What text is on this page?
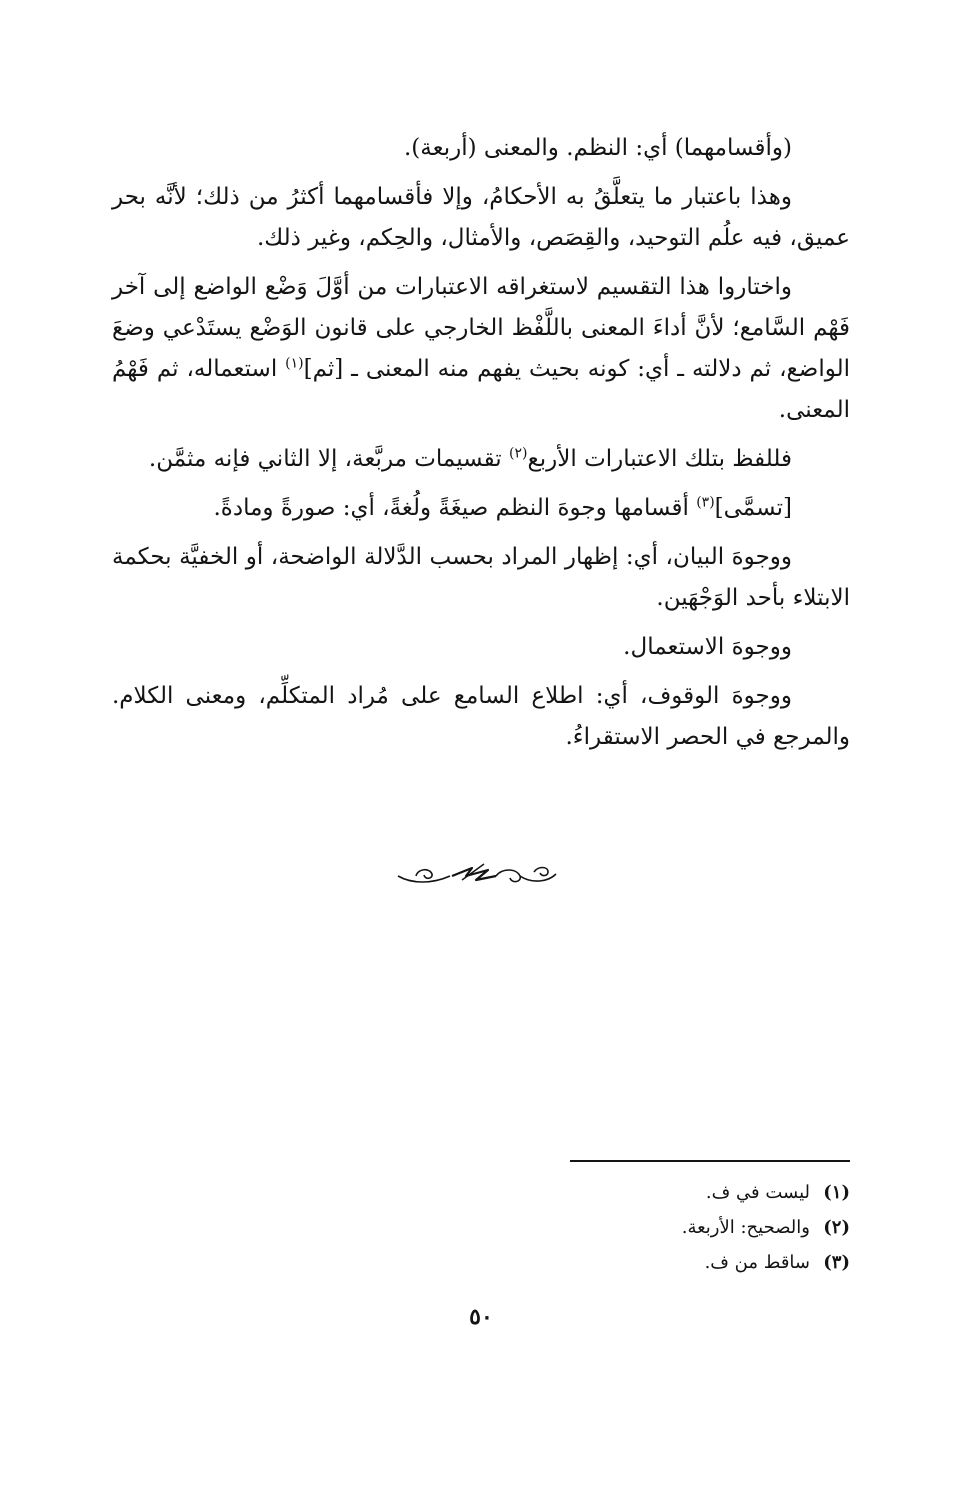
(وأقسامهما) أي: النظم. والمعنى (أربعة).

وهذا باعتبار ما يتعلَّقُ به الأحكامُ، وإلا فأقسامهما أكثرُ من ذلك؛ لأنَّه بحر عميق، فيه علُم التوحيد، والقِصَص، والأمثال، والحِكم، وغير ذلك.

واختاروا هذا التقسيم لاستغراقه الاعتبارات من أوَّلَ وَضْع الواضع إلى آخر فَهْم السَّامع؛ لأنَّ أداءَ المعنى باللَّفْظ الخارجي على قانون الوَضْع يستَدْعي وضعَ الواضع، ثم دلالته ـ أي: كونه بحيث يفهم منه المعنى ـ [ثم]$^{(١)}$ استعماله، ثم فَهْمُ المعنى.

فللفظ بتلك الاعتبارات الأربع$^{(٢)}$ تقسيمات مربَّعة، إلا الثاني فإنه مثمَّن.

[تسمَّى]$^{(٣)}$ أقسامها وجوهَ النظم صيغَةً ولُغةً، أي: صورةً ومادةً.

ووجوهَ البيان، أي: إظهار المراد بحسب الدَّلالة الواضحة، أو الخفيَّة بحكمة الابتلاء بأحد الوَجْهَين.

ووجوهَ الاستعمال.

ووجوهَ الوقوف، أي: اطلاع السامع على مُراد المتكلِّم، ومعنى الكلام. والمرجع في الحصر الاستقراءُ.

(١)
ليست في ف.
(٢)
والصحيح: الأربعة.
(٣)
ساقط من ف.
٥٠
